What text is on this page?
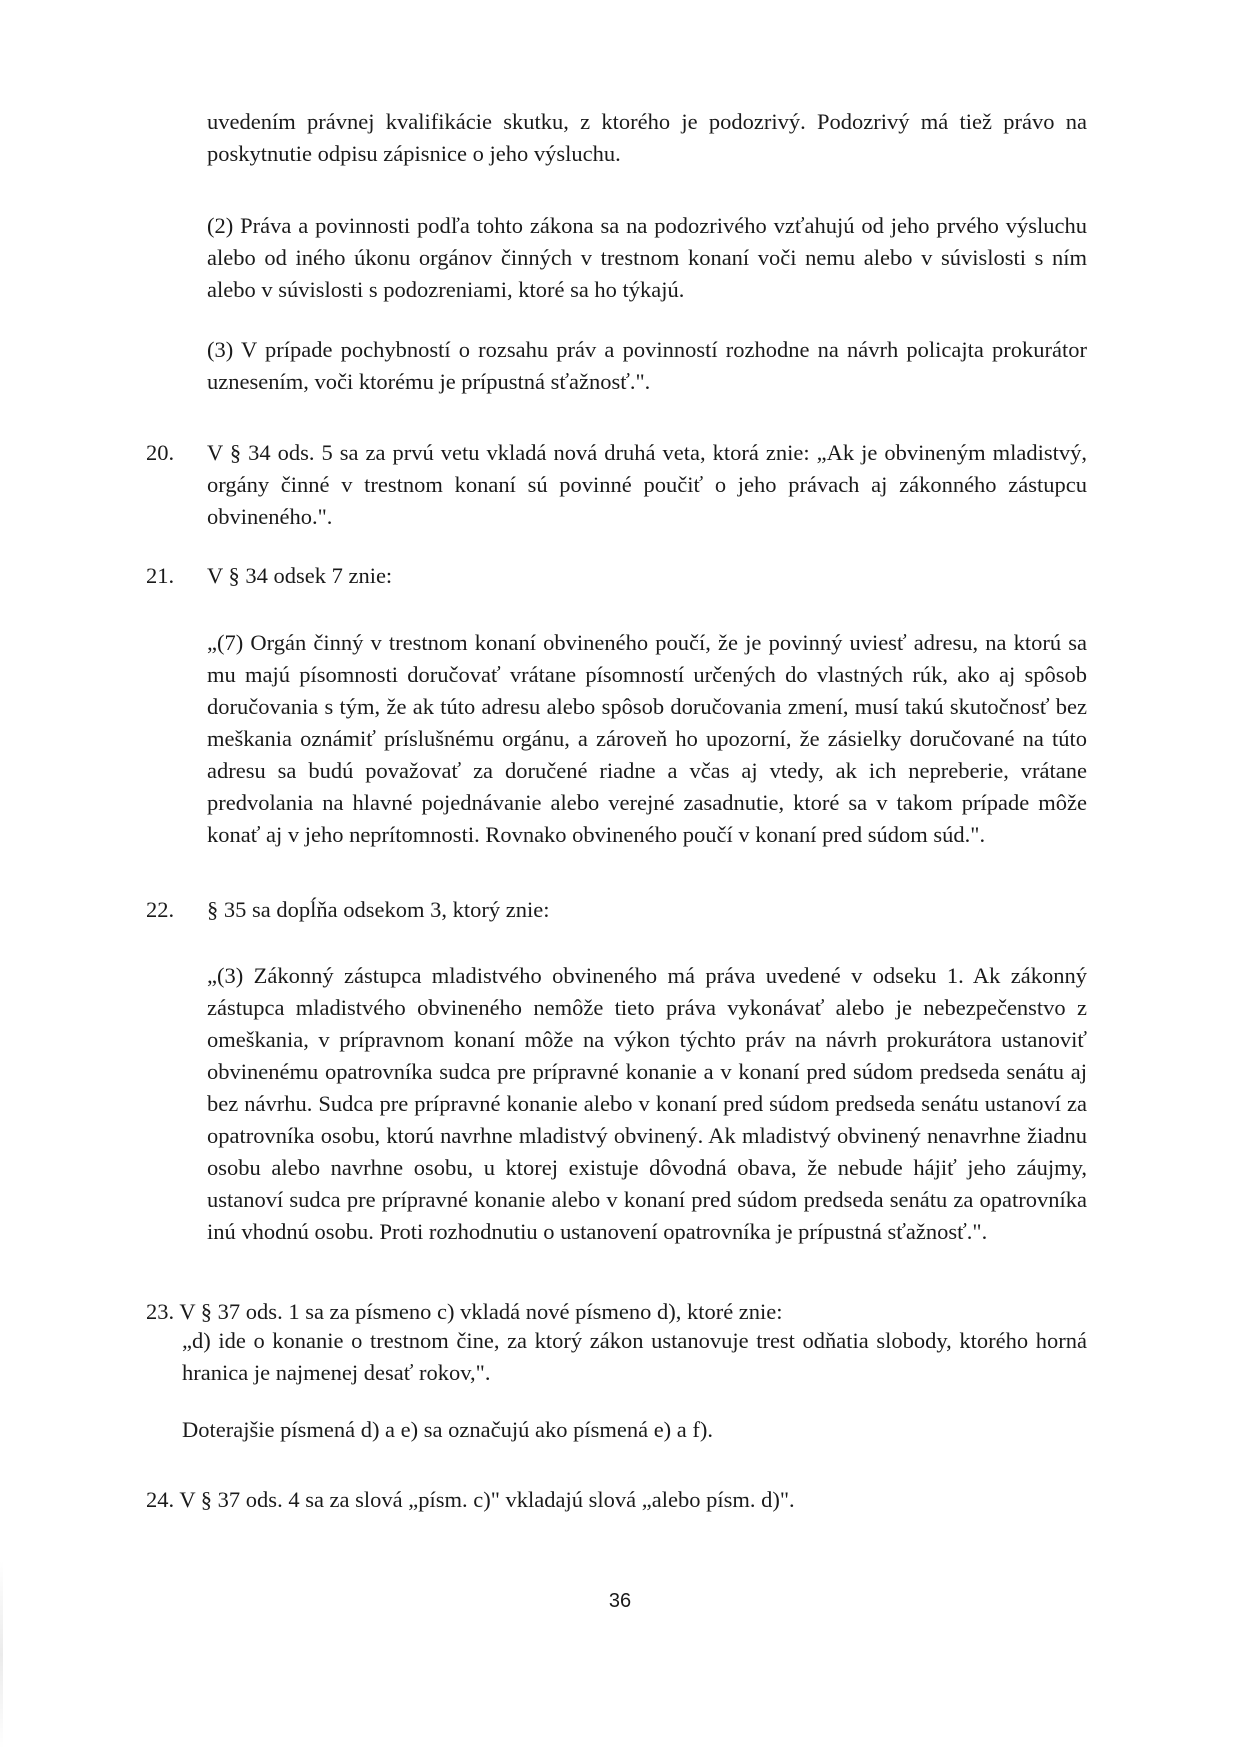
uvedením právnej kvalifikácie skutku, z ktorého je podozrivý. Podozrivý má tiež právo na poskytnutie odpisu zápisnice o jeho výsluchu.

(2) Práva a povinnosti podľa tohto zákona sa na podozrivého vzťahujú od jeho prvého výsluchu alebo od iného úkonu orgánov činných v trestnom konaní voči nemu alebo v súvislosti s ním alebo v súvislosti s podozreniami, ktoré sa ho týkajú.

(3) V prípade pochybností o rozsahu práv a povinností rozhodne na návrh policajta prokurátor uznesením, voči ktorému je prípustná sťažnosť.".

20. V § 34 ods. 5 sa za prvú vetu vkladá nová druhá veta, ktorá znie: „Ak je obvineným mladistvý, orgány činné v trestnom konaní sú povinné poučiť o jeho právach aj zákonného zástupcu obvineného.".

21. V § 34 odsek 7 znie:

„(7) Orgán činný v trestnom konaní obvineného poučí, že je povinný uviesť adresu, na ktorú sa mu majú písomnosti doručovať vrátane písomností určených do vlastných rúk, ako aj spôsob doručovania s tým, že ak túto adresu alebo spôsob doručovania zmení, musí takú skutočnosť bez meškania oznámiť príslušnému orgánu, a zároveň ho upozorní, že zásielky doručované na túto adresu sa budú považovať za doručené riadne a včas aj vtedy, ak ich nepreberie, vrátane predvolania na hlavné pojednávanie alebo verejné zasadnutie, ktoré sa v takom prípade môže konať aj v jeho neprítomnosti. Rovnako obvineného poučí v konaní pred súdom súd.".

22. § 35 sa dopĺňa odsekom 3, ktorý znie:

„(3) Zákonný zástupca mladistvého obvineného má práva uvedené v odseku 1. Ak zákonný zástupca mladistvého obvineného nemôže tieto práva vykonávať alebo je nebezpečenstvo z omeškania, v prípravnom konaní môže na výkon týchto práv na návrh prokurátora ustanoviť obvinenému opatrovníka sudca pre prípravné konanie a v konaní pred súdom predseda senátu aj bez návrhu. Sudca pre prípravné konanie alebo v konaní pred súdom predseda senátu ustanoví za opatrovníka osobu, ktorú navrhne mladistvý obvinený. Ak mladistvý obvinený nenavrhne žiadnu osobu alebo navrhne osobu, u ktorej existuje dôvodná obava, že nebude hájiť jeho záujmy, ustanoví sudca pre prípravné konanie alebo v konaní pred súdom predseda senátu za opatrovníka inú vhodnú osobu. Proti rozhodnutiu o ustanovení opatrovníka je prípustná sťažnosť.".

23. V § 37 ods. 1 sa za písmeno c) vkladá nové písmeno d), ktoré znie:

„d) ide o konanie o trestnom čine, za ktorý zákon ustanovuje trest odňatia slobody, ktorého horná hranica je najmenej desať rokov,".

Doterajšie písmená d) a e) sa označujú ako písmená e) a f).

24. V § 37 ods. 4 sa za slová „písm. c)" vkladajú slová „alebo písm. d)".

36
